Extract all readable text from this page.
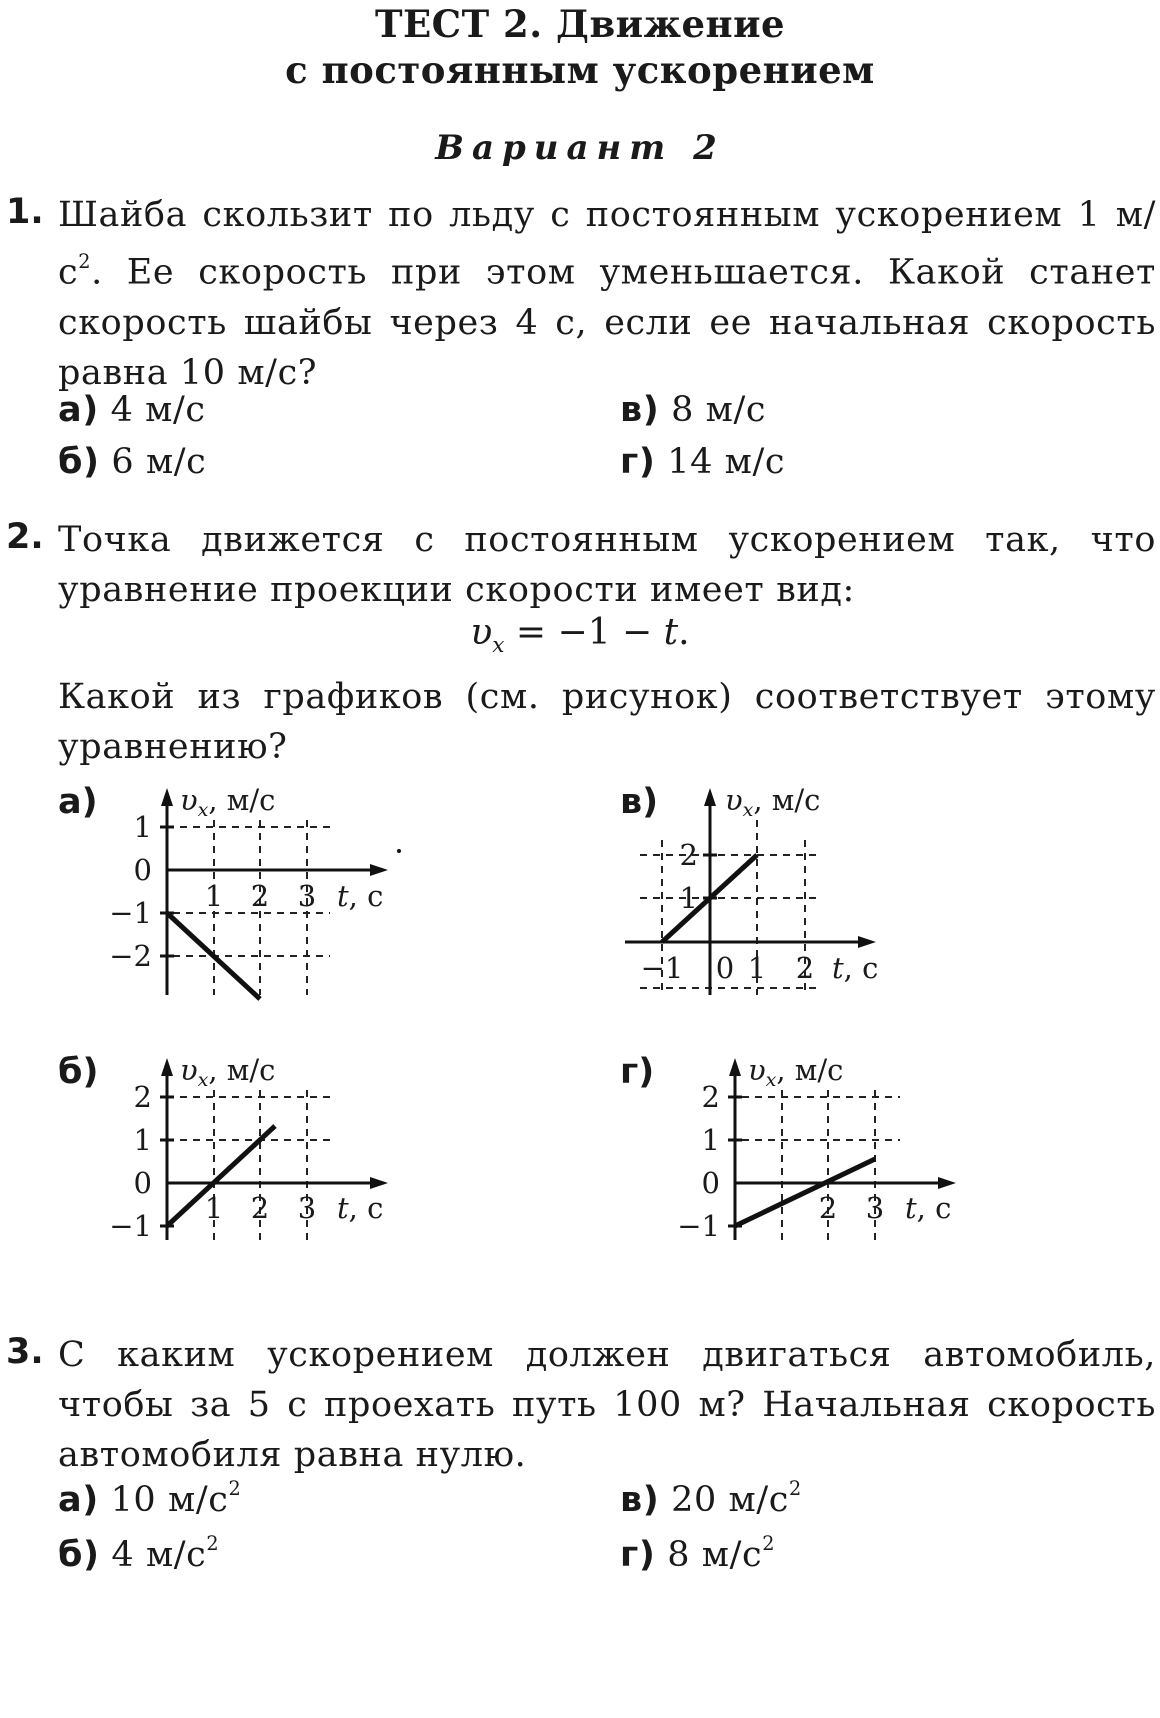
ТЕСТ 2. Движение
с постоянным ускорением
Вариант 2
1. Шайба скользит по льду с постоянным ускорением 1 $м/с^2$. Ее скорость при этом уменьшается. Какой станет скорость шайбы через 4 с, если ее начальная скорость равна 10 м/с?
а) 4 м/с
б) 6 м/с
в) 8 м/с
г) 14 м/с
2. Точка движется с постоянным ускорением так, что уравнение проекции скорости имеет вид:
$\upsilon_x = -1 - t$.
Какой из графиков (см. рисунок) соответствует этому уравнению?
а)	в)
б)	г)
$\upsilon_x$, м/с
1
0
−1
−2
1 2 3 t, с
$\upsilon_x$, м/с
2
1
−1 0 1 2 t, с
$\upsilon_x$, м/с
2
1
0
−1
1 2 3 t, с
$\upsilon_x$, м/с
2
1
0
−1
2 3 t, с
3. С каким ускорением должен двигаться автомобиль, чтобы за 5 с проехать путь 100 м? Начальная скорость автомобиля равна нулю.
а) 10 $м/с^2$
б) 4 $м/с^2$
в) 20 $м/с^2$
г) 8 $м/с^2$
